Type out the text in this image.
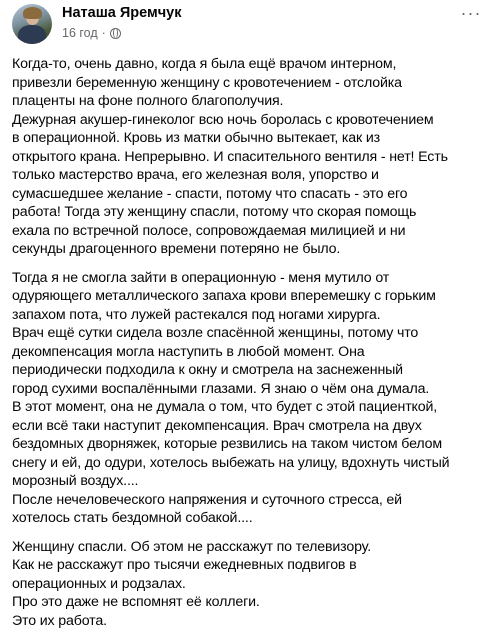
Наташа Яремчук
16 год ·
···

Когда-то, очень давно, когда я была ещё врачом интерном,
привезли беременную женщину с кровотечением - отслойка
плаценты на фоне полного благополучия.
Дежурная акушер-гинеколог всю ночь боролась с кровотечением
в операционной. Кровь из матки обычно вытекает, как из
открытого крана. Непрерывно. И спасительного вентиля - нет! Есть
только мастерство врача, его железная воля, упорство и
сумасшедшее желание - спасти, потому что спасать - это его
работа! Тогда эту женщину спасли, потому что скорая помощь
ехала по встречной полосе, сопровождаемая милицией и ни
секунды драгоценного времени потеряно не было.

Тогда я не смогла зайти в операционную - меня мутило от
одуряющего металлического запаха крови вперемешку с горьким
запахом пота, что лужей растекался под ногами хирурга.
Врач ещё сутки сидела возле спасённой женщины, потому что
декомпенсация могла наступить в любой момент. Она
периодически подходила к окну и смотрела на заснеженный
город сухими воспалёнными глазами. Я знаю о чём она думала.
В этот момент, она не думала о том, что будет с этой пациенткой,
если всё таки наступит декомпенсация. Врач смотрела на двух
бездомных дворняжек, которые резвились на таком чистом белом
снегу и ей, до одури, хотелось выбежать на улицу, вдохнуть чистый
морозный воздух....
После нечеловеческого напряжения и суточного стресса, ей
хотелось стать бездомной собакой....

Женщину спасли. Об этом не расскажут по телевизору.
Как не расскажут про тысячи ежедневных подвигов в
операционных и родзалах.
Про это даже не вспомнят её коллеги.
Это их работа.
